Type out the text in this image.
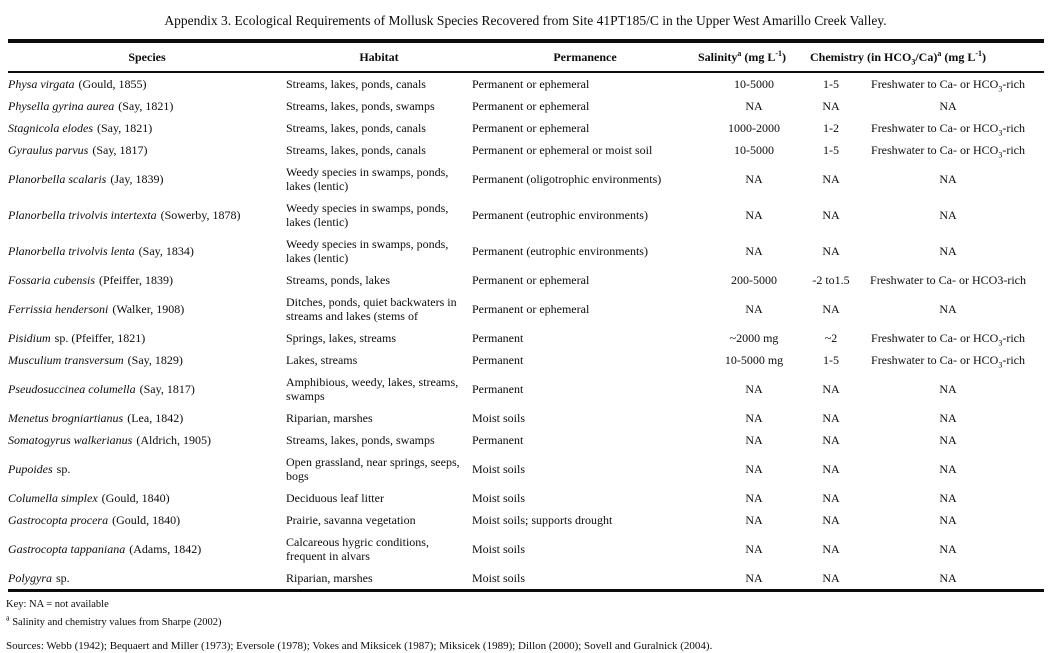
Appendix 3. Ecological Requirements of Mollusk Species Recovered from Site 41PT185/C in the Upper West Amarillo Creek Valley.
Species	Habitat	Permanence	Salinity$^a$ (mg $L^{-1}$)	Chemistry (in $HCO_3/Ca)^a$ (mg $L^{-1}$)	
Physa virgata (Gould, 1855)	Streams, lakes, ponds, canals	Permanent or ephemeral	10-5000	1-5	Freshwater to Ca- or $HCO_3$-rich
Physella gyrina aurea (Say, 1821)	Streams, lakes, ponds, swamps	Permanent or ephemeral	NA	NA	NA
Stagnicola elodes (Say, 1821)	Streams, lakes, ponds, canals	Permanent or ephemeral	1000-2000	1-2	Freshwater to Ca- or $HCO_3$-rich
Gyraulus parvus (Say, 1817)	Streams, lakes, ponds, canals	Permanent or ephemeral or moist soil	10-5000	1-5	Freshwater to Ca- or $HCO_3$-rich
Planorbella scalaris (Jay, 1839)	Weedy species in swamps, ponds, lakes (lentic)	Permanent (oligotrophic environments)	NA	NA	NA
Planorbella trivolvis intertexta (Sowerby, 1878)	Weedy species in swamps, ponds, lakes (lentic)	Permanent (eutrophic environments)	NA	NA	NA
Planorbella trivolvis lenta (Say, 1834)	Weedy species in swamps, ponds, lakes (lentic)	Permanent (eutrophic environments)	NA	NA	NA
Fossaria cubensis (Pfeiffer, 1839)	Streams, ponds, lakes	Permanent or ephemeral	200-5000	-2 to1.5	Freshwater to Ca- or HCO3-rich
Ferrissia hendersoni (Walker, 1908)	Ditches, ponds, quiet backwaters in streams and lakes (stems of	Permanent or ephemeral	NA	NA	NA
Pisidium sp. (Pfeiffer, 1821)	Springs, lakes, streams	Permanent	~2000 mg	~2	Freshwater to Ca- or $HCO_3$-rich
Musculium transversum (Say, 1829)	Lakes, streams	Permanent	10-5000 mg	1-5	Freshwater to Ca- or $HCO_3$-rich
Pseudosuccinea columella (Say, 1817)	Amphibious, weedy, lakes, streams, swamps	Permanent	NA	NA	NA
Menetus brogniartianus (Lea, 1842)	Riparian, marshes	Moist soils	NA	NA	NA
Somatogyrus walkerianus (Aldrich, 1905)	Streams, lakes, ponds, swamps	Permanent	NA	NA	NA
Pupoides sp.	Open grassland, near springs, seeps, bogs	Moist soils	NA	NA	NA
Columella simplex (Gould, 1840)	Deciduous leaf litter	Moist soils	NA	NA	NA
Gastrocopta procera (Gould, 1840)	Prairie, savanna vegetation	Moist soils; supports drought	NA	NA	NA
Gastrocopta tappaniana (Adams, 1842)	Calcareous hygric conditions, frequent in alvars	Moist soils	NA	NA	NA
Polygyra sp.	Riparian, marshes	Moist soils	NA	NA	NA
Key: NA = not available
$^a$ Salinity and chemistry values from Sharpe (2002)
Sources: Webb (1942); Bequaert and Miller (1973); Eversole (1978); Vokes and Miksicek (1987); Miksicek (1989); Dillon (2000); Sovell and Guralnick (2004).
